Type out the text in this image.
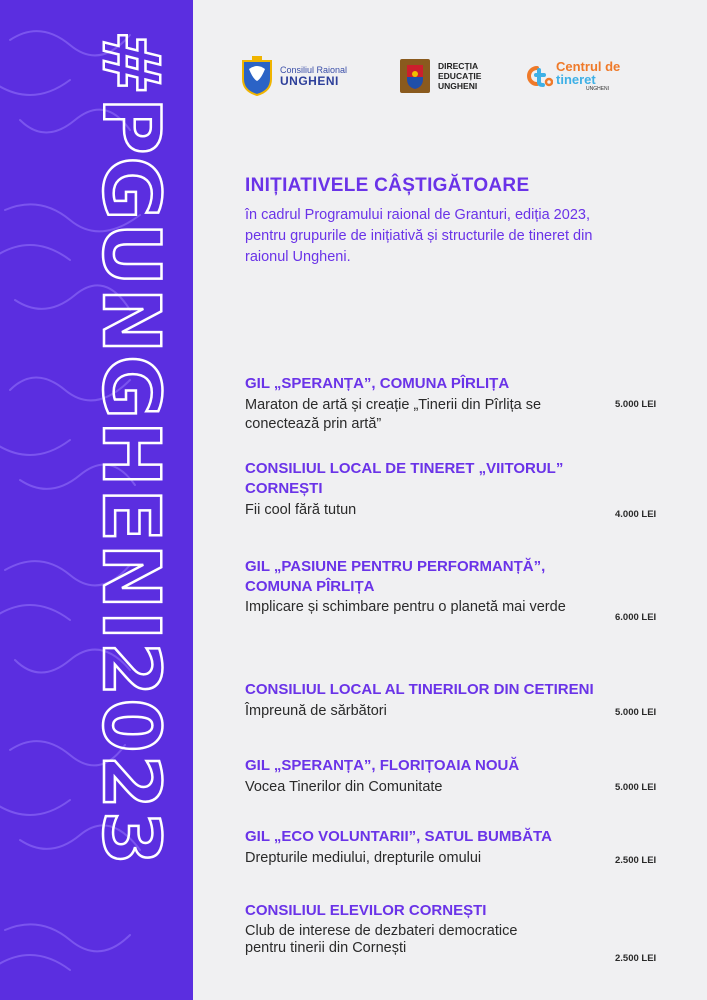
#PGUNGHENI2023	Consiliul Raional
UNGHENI
DIRECȚIA
EDUCAȚIE
UNGHENI
Centrul de
tineret
UNGHENI
INIȚIATIVELE CÂȘTIGĂTOARE
în cadrul Programului raional de Granturi, ediția 2023, pentru grupurile de inițiativă și structurile de tineret din raionul Ungheni.
GIL „SPERANȚA”, COMUNA PÎRLIȚA
Maraton de artă și creație „Tinerii din Pîrlița se conectează prin artă”
5.000 LEI
CONSILIUL LOCAL DE TINERET „VIITORUL” CORNEȘTI
Fii cool fără tutun	4.000 LEI
GIL „PASIUNE PENTRU PERFORMANȚĂ”, COMUNA PÎRLIȚA
Implicare și schimbare pentru o planetă mai verde
6.000 LEI
CONSILIUL LOCAL AL TINERILOR DIN CETIRENI
Împreună de sărbători	5.000 LEI
GIL „SPERANȚA”, FLORIȚOAIA NOUĂ
Vocea Tinerilor din Comunitate	5.000 LEI
GIL „ECO VOLUNTARII”, SATUL BUMBĂTA
Drepturile mediului, drepturile omului	2.500 LEI
CONSILIUL ELEVILOR CORNEȘTI
Club de interese de dezbateri democratice pentru tinerii din Cornești
2.500 LEI
